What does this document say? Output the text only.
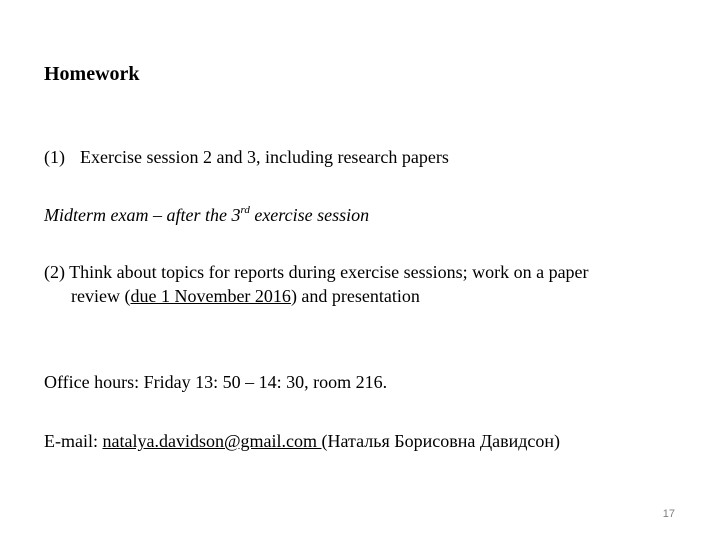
Homework
(1) Exercise session 2 and 3, including research papers
Midterm exam – after the 3rd exercise session
(2) Think about topics for reports during exercise sessions; work on a paper
review (due 1 November 2016) and presentation
Office hours: Friday 13: 50 – 14: 30, room 216.
E-mail: natalya.davidson@gmail.com (Наталья Борисовна Давидсон)
17
